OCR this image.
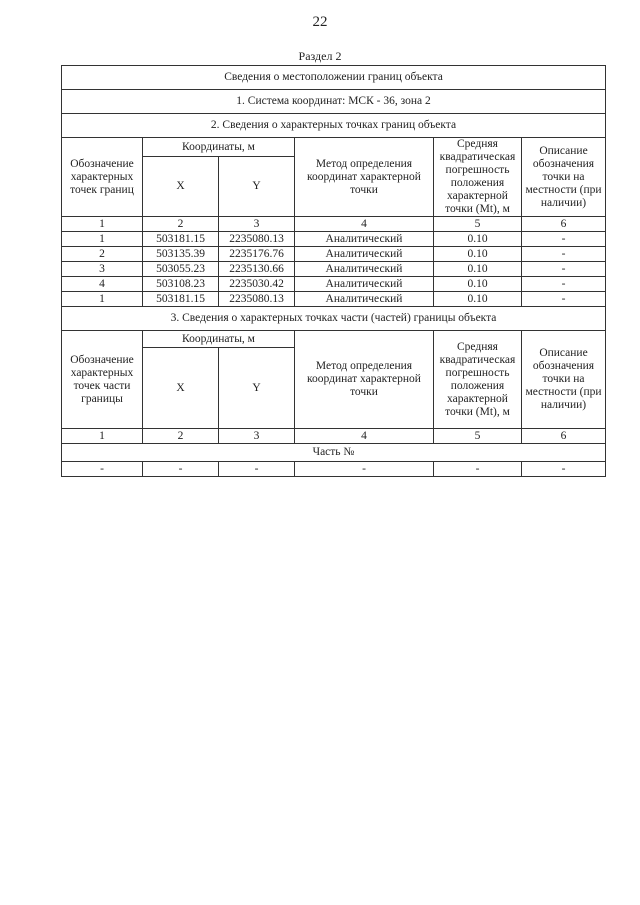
22
Раздел 2
Сведения о местоположении границ объекта					
1. Система координат: МСК - 36, зона 2					
2. Сведения о характерных точках границ объекта					
Обозначение характерных точек границ	Координаты, м		Метод определения координат характерной точки	Средняя квадратическая погрешность положения характерной точки (Mt), м	Описание обозначения точки на местности (при наличии)
	X	Y			
1	2	3	4	5	6
1	503181.15	2235080.13	Аналитический	0.10	-
2	503135.39	2235176.76	Аналитический	0.10	-
3	503055.23	2235130.66	Аналитический	0.10	-
4	503108.23	2235030.42	Аналитический	0.10	-
1	503181.15	2235080.13	Аналитический	0.10	-
3. Сведения о характерных точках части (частей) границы объекта					
Обозначение характерных точек части границы	Координаты, м		Метод определения координат характерной точки	Средняя квадратическая погрешность положения характерной точки (Mt), м	Описание обозначения точки на местности (при наличии)
	X	Y			
1	2	3	4	5	6
Часть №					
-	-	-	-	-	-
